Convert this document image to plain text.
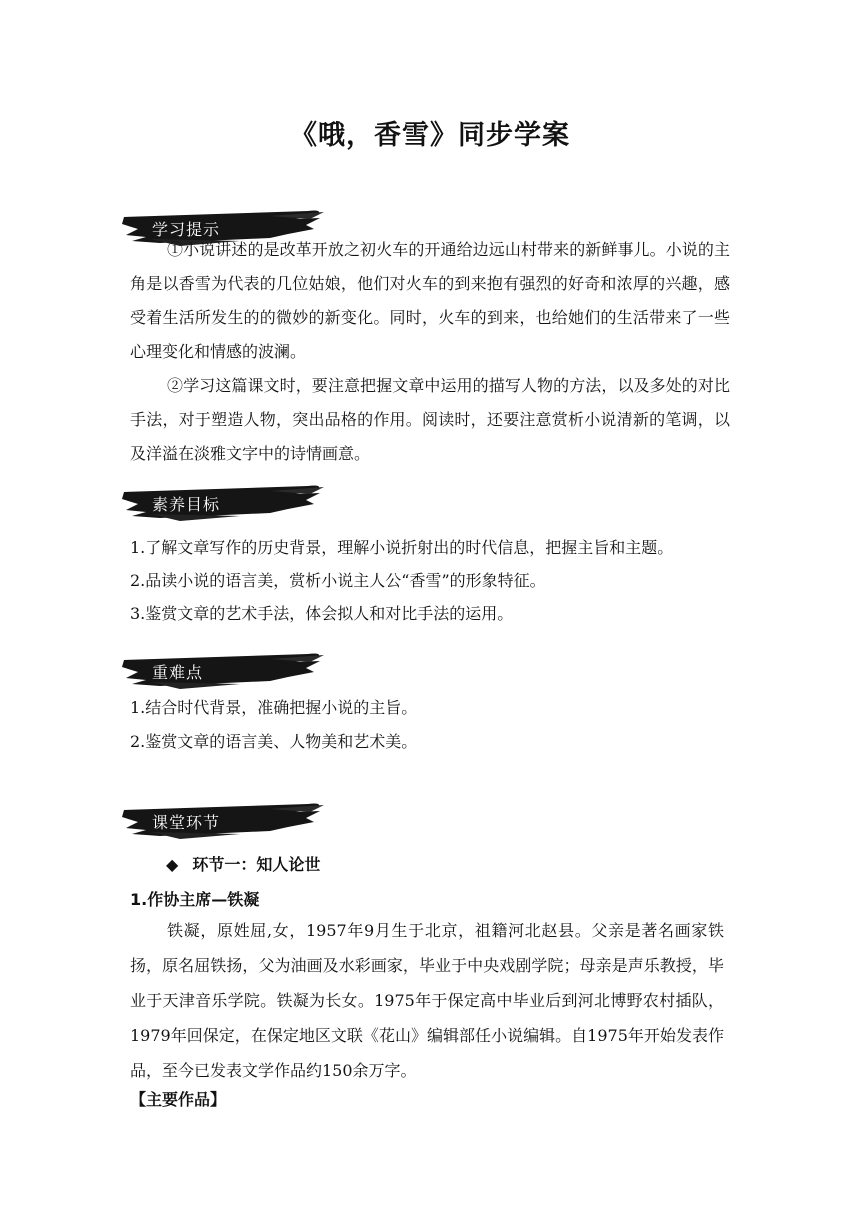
《哦，香雪》同步学案
学习提示
①小说讲述的是改革开放之初火车的开通给边远山村带来的新鲜事儿。小说的主角是以香雪为代表的几位姑娘，他们对火车的到来抱有强烈的好奇和浓厚的兴趣，感受着生活所发生的的微妙的新变化。同时，火车的到来，也给她们的生活带来了一些心理变化和情感的波澜。
②学习这篇课文时，要注意把握文章中运用的描写人物的方法，以及多处的对比手法，对于塑造人物，突出品格的作用。阅读时，还要注意赏析小说清新的笔调，以及洋溢在淡雅文字中的诗情画意。
素养目标
1.了解文章写作的历史背景，理解小说折射出的时代信息，把握主旨和主题。
2.品读小说的语言美，赏析小说主人公“香雪”的形象特征。
3.鉴赏文章的艺术手法，体会拟人和对比手法的运用。
重难点
1.结合时代背景，准确把握小说的主旨。
2.鉴赏文章的语言美、人物美和艺术美。
课堂环节
◆ 环节一：知人论世
1.作协主席—铁凝
铁凝，原姓屈,女，1957年9月生于北京，祖籍河北赵县。父亲是著名画家铁扬，原名屈铁扬，父为油画及水彩画家，毕业于中央戏剧学院；母亲是声乐教授，毕业于天津音乐学院。铁凝为长女。1975年于保定高中毕业后到河北博野农村插队，1979年回保定，在保定地区文联《花山》编辑部任小说编辑。自1975年开始发表作品，至今已发表文学作品约150余万字。
【主要作品】
